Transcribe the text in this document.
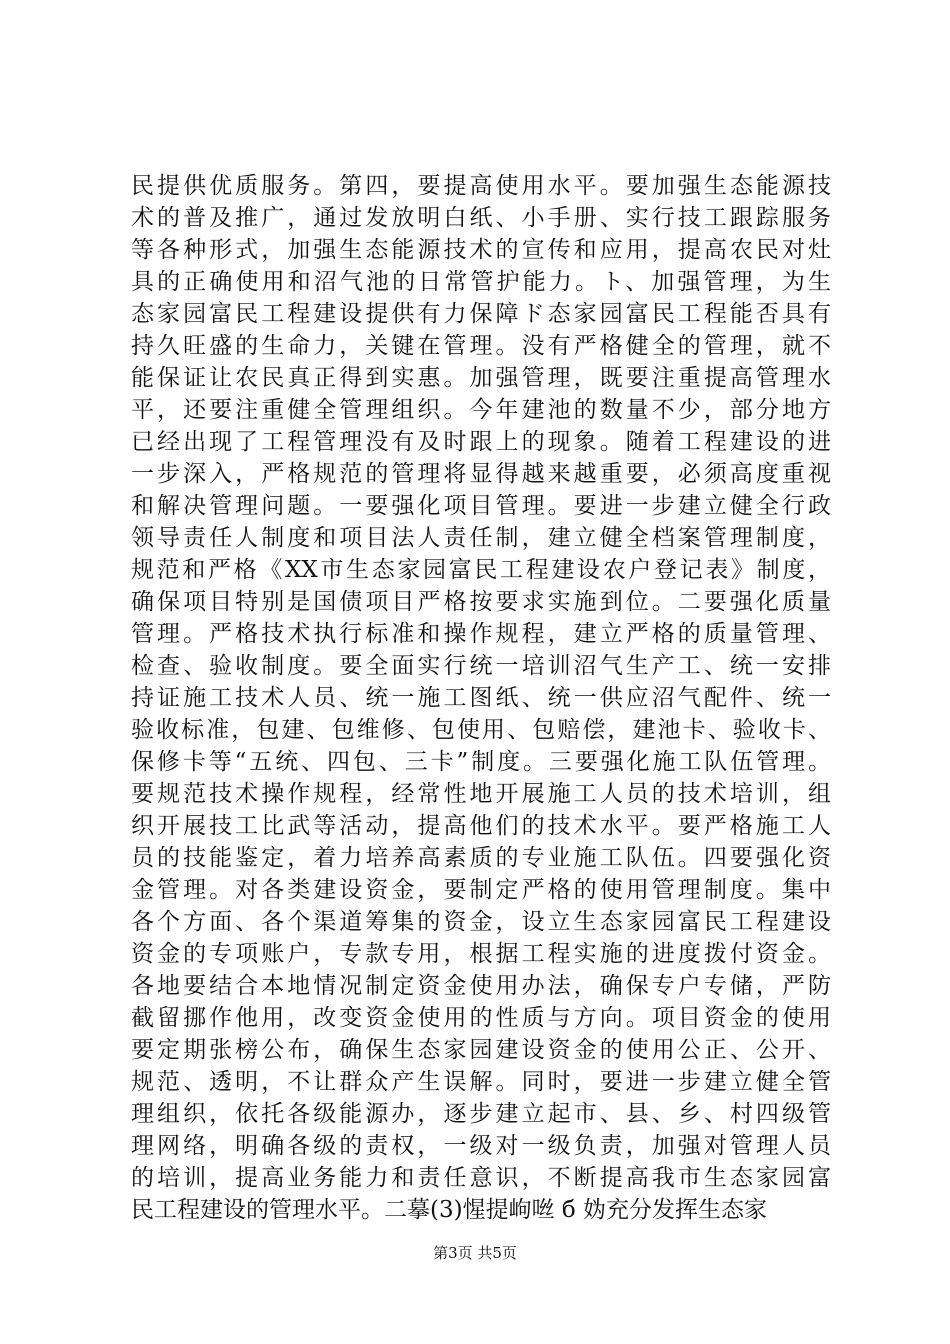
民提供优质服务。第四，要提高使用水平。要加强生态能源技
术的普及推广，通过发放明白纸、小手册、实行技工跟踪服务
等各种形式，加强生态能源技术的宣传和应用，提高农民对灶
具的正确使用和沼气池的日常管护能力。ト、加强管理，为生
态家园富民工程建设提供有力保障ド态家园富民工程能否具有
持久旺盛的生命力，关键在管理。没有严格健全的管理，就不
能保证让农民真正得到实惠。加强管理，既要注重提高管理水
平，还要注重健全管理组织。今年建池的数量不少，部分地方
已经出现了工程管理没有及时跟上的现象。随着工程建设的进
一步深入，严格规范的管理将显得越来越重要，必须高度重视
和解决管理问题。一要强化项目管理。要进一步建立健全行政
领导责任人制度和项目法人责任制，建立健全档案管理制度，
规范和严格《XX市生态家园富民工程建设农户登记表》制度，
确保项目特别是国债项目严格按要求实施到位。二要强化质量
管理。严格技术执行标准和操作规程，建立严格的质量管理、
检查、验收制度。要全面实行统一培训沼气生产工、统一安排
持证施工技术人员、统一施工图纸、统一供应沼气配件、统一
验收标准，包建、包维修、包使用、包赔偿，建池卡、验收卡、
保修卡等“五统、四包、三卡”制度。三要强化施工队伍管理。
要规范技术操作规程，经常性地开展施工人员的技术培训，组
织开展技工比武等活动，提高他们的技术水平。要严格施工人
员的技能鉴定，着力培养高素质的专业施工队伍。四要强化资
金管理。对各类建设资金，要制定严格的使用管理制度。集中
各个方面、各个渠道筹集的资金，设立生态家园富民工程建设
资金的专项账户，专款专用，根据工程实施的进度拨付资金。
各地要结合本地情况制定资金使用办法，确保专户专储，严防
截留挪作他用，改变资金使用的性质与方向。项目资金的使用
要定期张榜公布，确保生态家园建设资金的使用公正、公开、
规范、透明，不让群众产生误解。同时，要进一步建立健全管
理组织，依托各级能源办，逐步建立起市、县、乡、村四级管
理网络，明确各级的责权，一级对一级负责，加强对管理人员
的培训，提高业务能力和责任意识，不断提高我市生态家园富
民工程建设的管理水平。二摹(3)惺提岣咝 б 妫充分发挥生态家
第3页 共5页
